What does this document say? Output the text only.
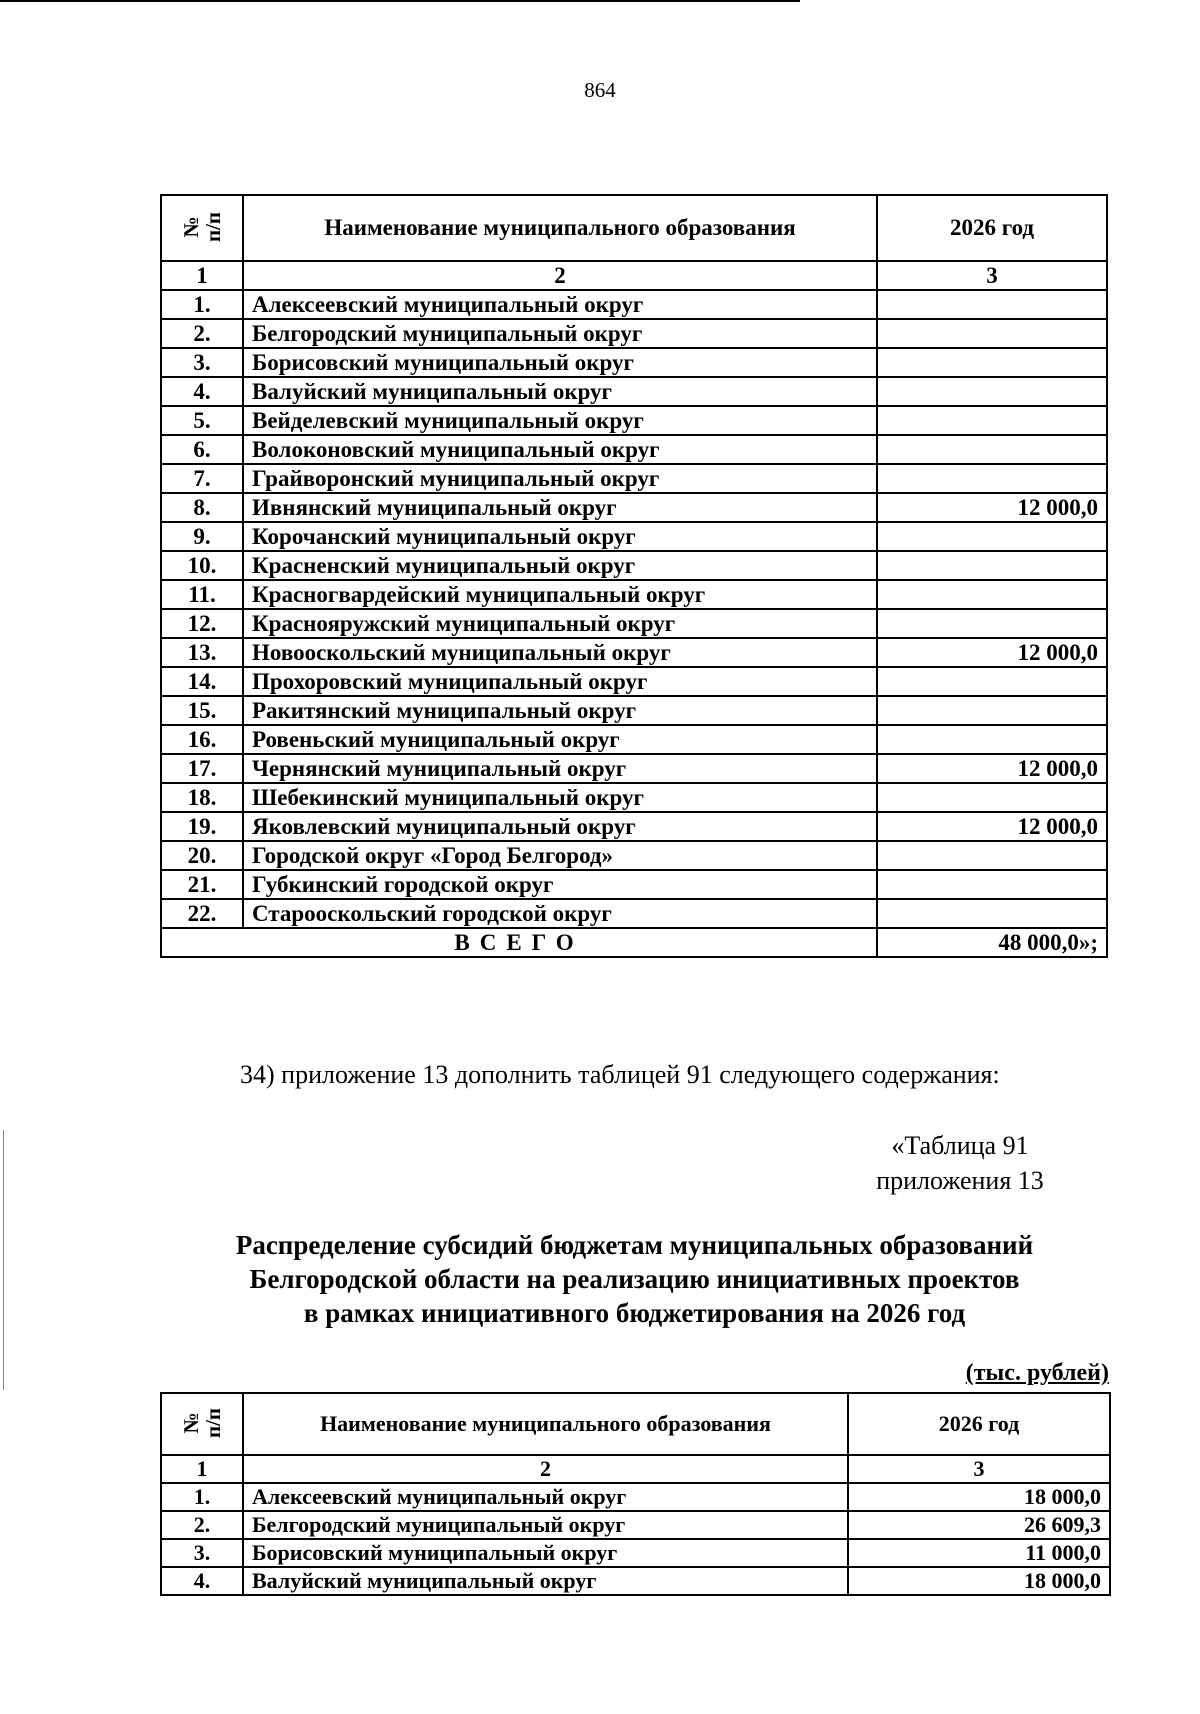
864
№
п/п	Наименование муниципального образования	2026 год
1	2	3
1.	Алексеевский муниципальный округ	
2.	Белгородский муниципальный округ	
3.	Борисовский муниципальный округ	
4.	Валуйский муниципальный округ	
5.	Вейделевский муниципальный округ	
6.	Волоконовский муниципальный округ	
7.	Грайворонский муниципальный округ	
8.	Ивнянский муниципальный округ	12 000,0
9.	Корочанский муниципальный округ	
10.	Красненский муниципальный округ	
11.	Красногвардейский муниципальный округ	
12.	Краснояружский муниципальный округ	
13.	Новооскольский муниципальный округ	12 000,0
14.	Прохоровский муниципальный округ	
15.	Ракитянский муниципальный округ	
16.	Ровеньский муниципальный округ	
17.	Чернянский муниципальный округ	12 000,0
18.	Шебекинский муниципальный округ	
19.	Яковлевский муниципальный округ	12 000,0
20.	Городской округ «Город Белгород»	
21.	Губкинский городской округ	
22.	Старооскольский городской округ	
ВСЕГО		48 000,0»;
34) приложение 13 дополнить таблицей 91 следующего содержания:
«Таблица 91
приложения 13
Распределение субсидий бюджетам муниципальных образований
Белгородской области на реализацию инициативных проектов
в рамках инициативного бюджетирования на 2026 год
(тыс. рублей)
№
п/п	Наименование муниципального образования	2026 год
1	2	3
1.	Алексеевский муниципальный округ	18 000,0
2.	Белгородский муниципальный округ	26 609,3
3.	Борисовский муниципальный округ	11 000,0
4.	Валуйский муниципальный округ	18 000,0
